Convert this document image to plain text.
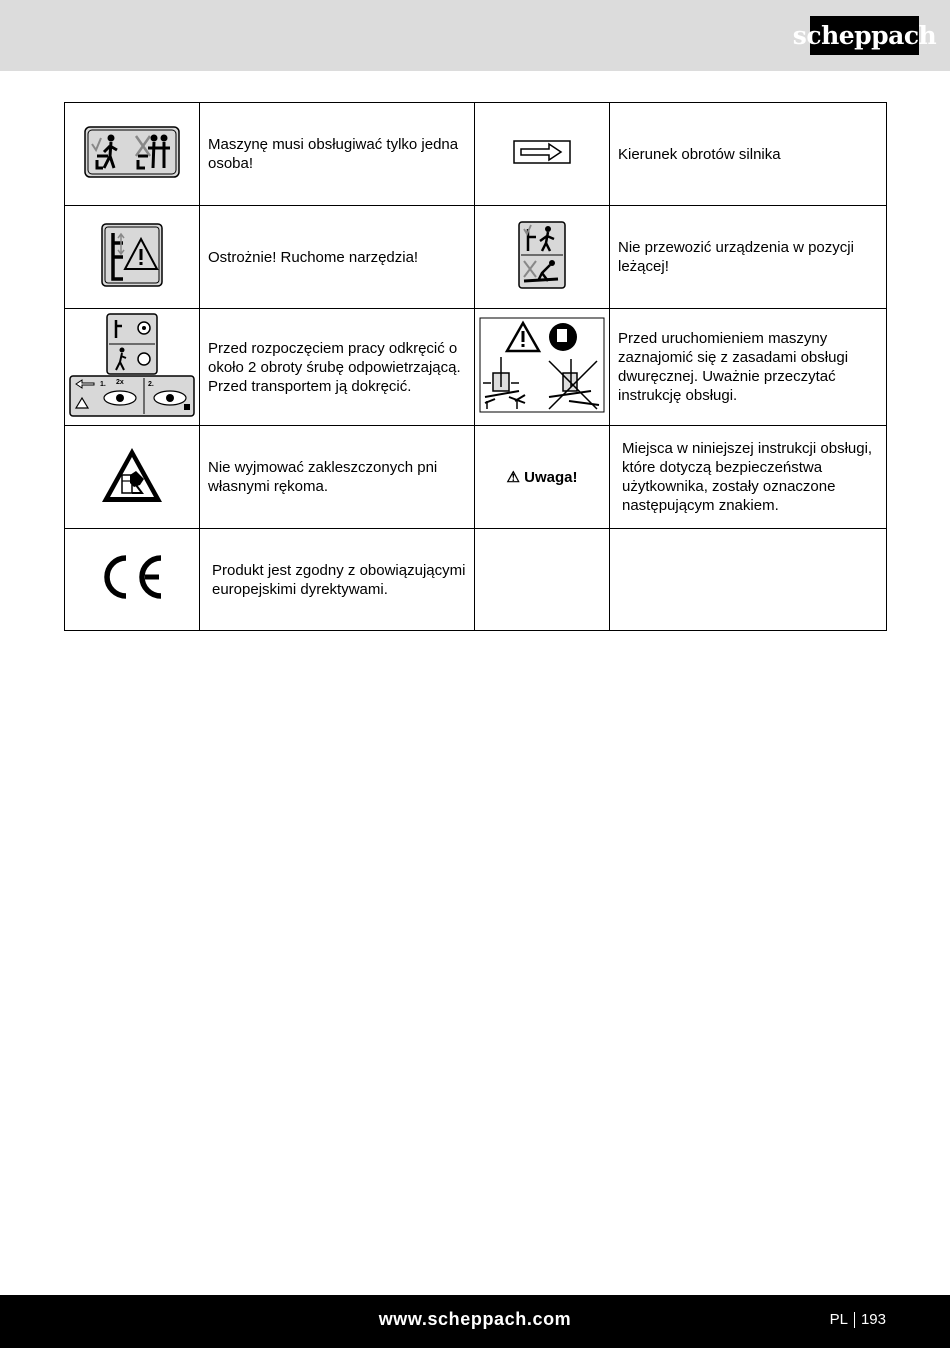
scheppach
	Maszynę musi obsługiwać tylko jedna osoba!		Kierunek obrotów silnika
	Ostrożnie! Ruchome narzędzia!		Nie przewozić urządzenia w pozycji leżącej!

1. 2x 2.	Przed rozpoczęciem pracy odkręcić o około 2 obroty śrubę odpowietrzającą. Przed transportem ją dokręcić.		Przed uruchomieniem maszyny zaznajomić się z zasadami obsługi dwuręcznej. Uważnie przeczytać instrukcję obsługi.
	Nie wyjmować zakleszczonych pni własnymi rękoma.	⚠ Uwaga!	Miejsca w niniejszej instrukcji obsługi, które dotyczą bezpieczeństwa użytkownika, zostały oznaczone następującym znakiem.
	Produkt jest zgodny z obowiązującymi europejskimi dyrektywami.		
www.scheppach.com	PL 193
